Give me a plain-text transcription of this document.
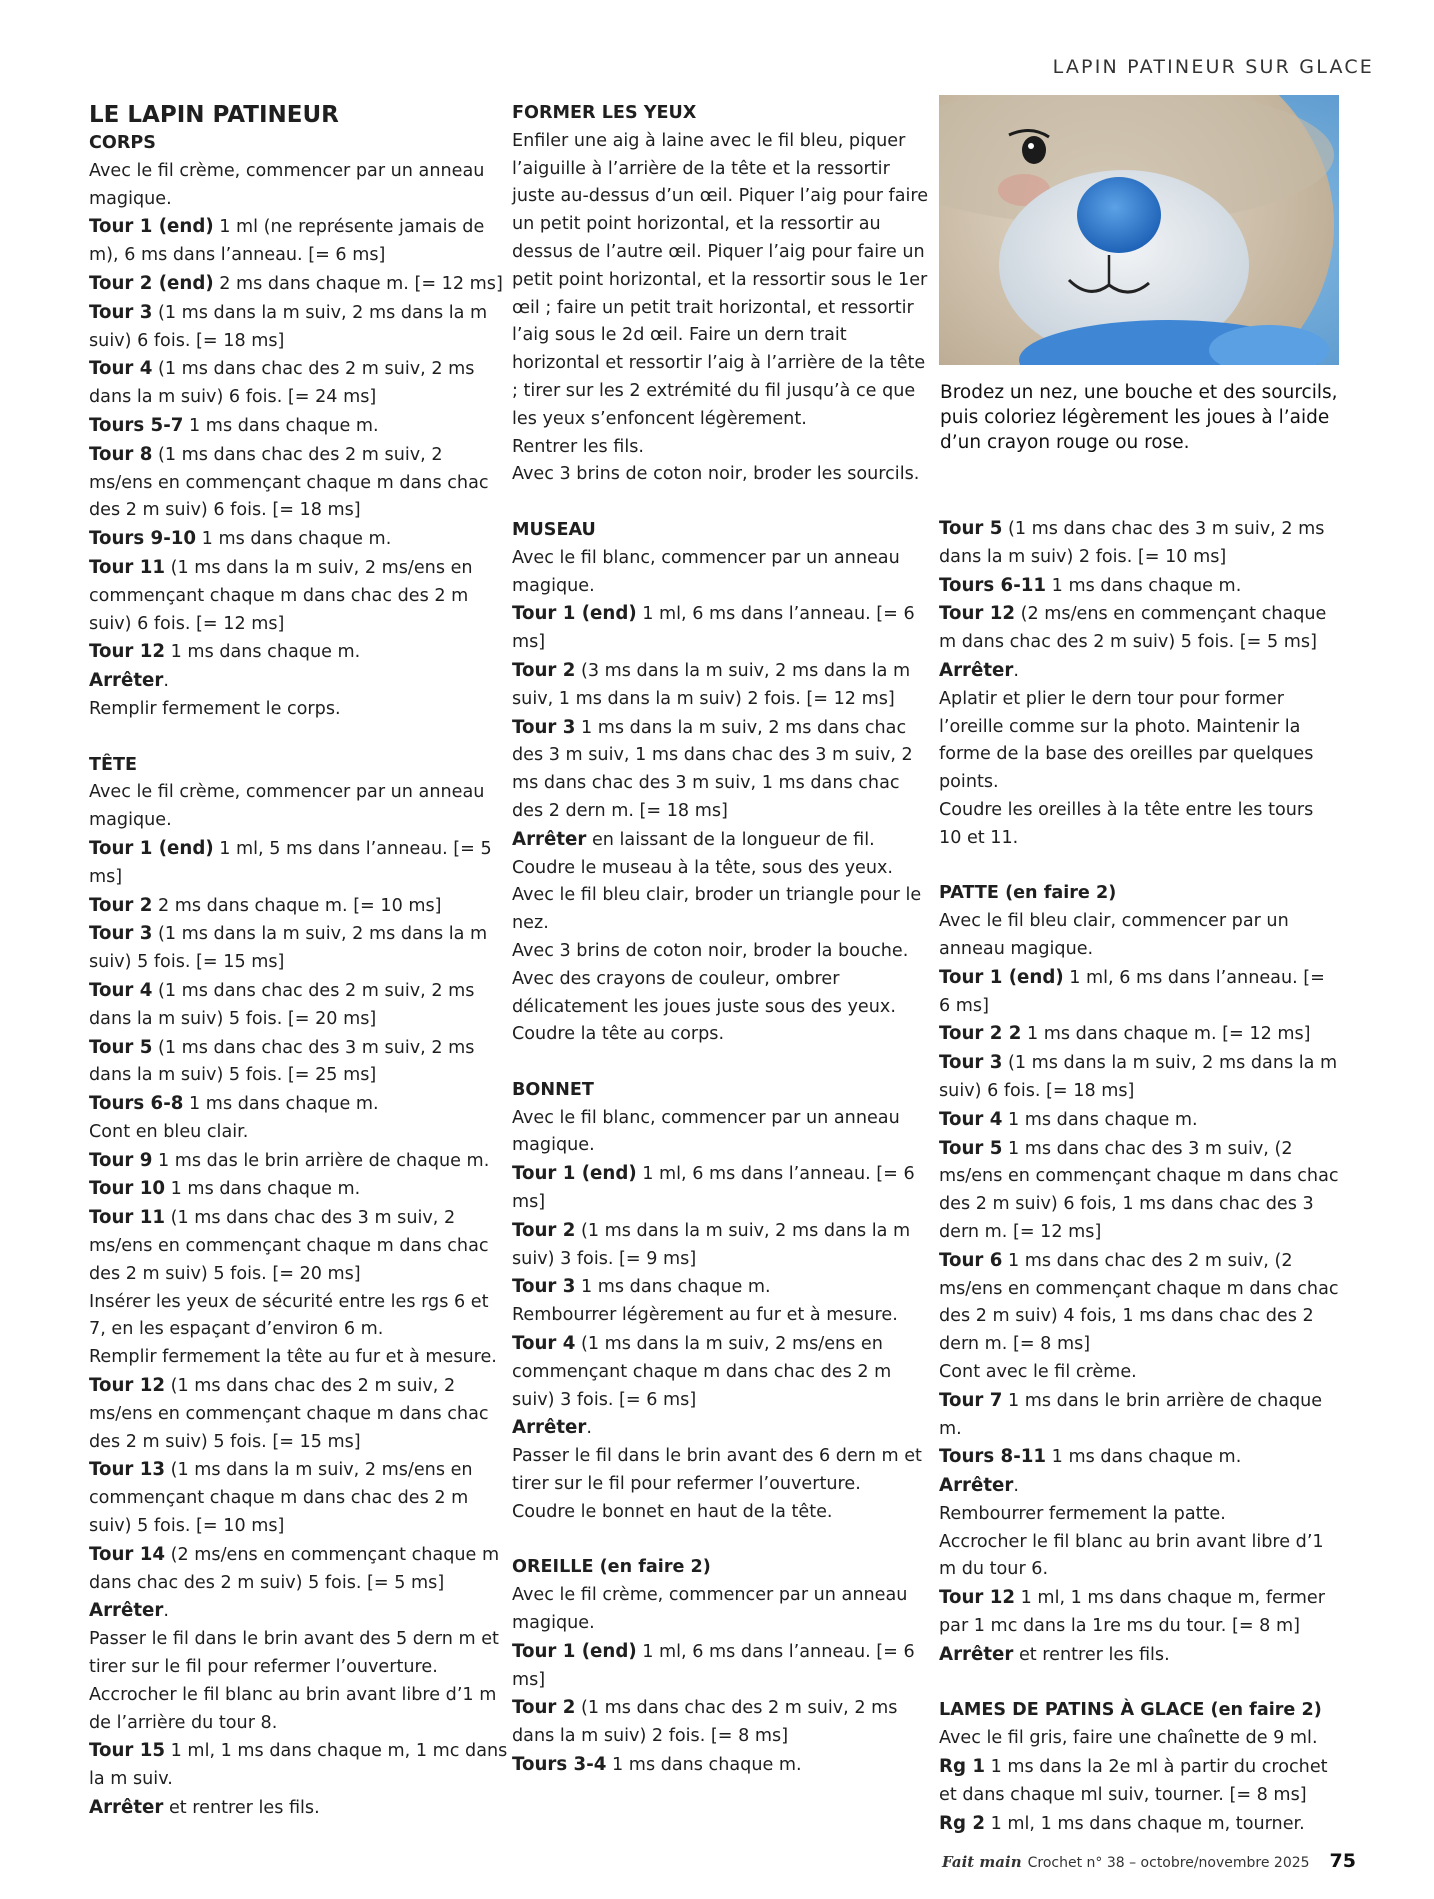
LAPIN PATINEUR SUR GLACE
LE LAPIN PATINEUR
CORPS
Avec le fil crème, commencer par un anneau magique.
Tour 1 (end) 1 ml (ne représente jamais de m), 6 ms dans l’anneau. [= 6 ms]
Tour 2 (end) 2 ms dans chaque m. [= 12 ms]
Tour 3 (1 ms dans la m suiv, 2 ms dans la m suiv) 6 fois. [= 18 ms]
Tour 4 (1 ms dans chac des 2 m suiv, 2 ms dans la m suiv) 6 fois. [= 24 ms]
Tours 5-7 1 ms dans chaque m.
Tour 8 (1 ms dans chac des 2 m suiv, 2 ms/ens en commençant chaque m dans chac des 2 m suiv) 6 fois. [= 18 ms]
Tours 9-10 1 ms dans chaque m.
Tour 11 (1 ms dans la m suiv, 2 ms/ens en commençant chaque m dans chac des 2 m suiv) 6 fois. [= 12 ms]
Tour 12 1 ms dans chaque m.
Arrêter.
Remplir fermement le corps.
TÊTE
Avec le fil crème, commencer par un anneau magique.
Tour 1 (end) 1 ml, 5 ms dans l’anneau. [= 5 ms]
Tour 2 2 ms dans chaque m. [= 10 ms]
Tour 3 (1 ms dans la m suiv, 2 ms dans la m suiv) 5 fois. [= 15 ms]
Tour 4 (1 ms dans chac des 2 m suiv, 2 ms dans la m suiv) 5 fois. [= 20 ms]
Tour 5 (1 ms dans chac des 3 m suiv, 2 ms dans la m suiv) 5 fois. [= 25 ms]
Tours 6-8 1 ms dans chaque m.
Cont en bleu clair.
Tour 9 1 ms das le brin arrière de chaque m.
Tour 10 1 ms dans chaque m.
Tour 11 (1 ms dans chac des 3 m suiv, 2 ms/ens en commençant chaque m dans chac des 2 m suiv) 5 fois. [= 20 ms]
Insérer les yeux de sécurité entre les rgs 6 et 7, en les espaçant d’environ 6 m.
Remplir fermement la tête au fur et à mesure.
Tour 12 (1 ms dans chac des 2 m suiv, 2 ms/ens en commençant chaque m dans chac des 2 m suiv) 5 fois. [= 15 ms]
Tour 13 (1 ms dans la m suiv, 2 ms/ens en commençant chaque m dans chac des 2 m suiv) 5 fois. [= 10 ms]
Tour 14 (2 ms/ens en commençant chaque m dans chac des 2 m suiv) 5 fois. [= 5 ms]
Arrêter.
Passer le fil dans le brin avant des 5 dern m et tirer sur le fil pour refermer l’ouverture.
Accrocher le fil blanc au brin avant libre d’1 m de l’arrière du tour 8.
Tour 15 1 ml, 1 ms dans chaque m, 1 mc dans la m suiv.
Arrêter et rentrer les fils.
FORMER LES YEUX
Enfiler une aig à laine avec le fil bleu, piquer l’aiguille à l’arrière de la tête et la ressortir juste au-dessus d’un œil. Piquer l’aig pour faire un petit point horizontal, et la ressortir au dessus de l’autre œil. Piquer l’aig pour faire un petit point horizontal, et la ressortir sous le 1er œil ; faire un petit trait horizontal, et ressortir l’aig sous le 2d œil. Faire un dern trait horizontal et ressortir l’aig à l’arrière de la tête ; tirer sur les 2 extrémité du fil jusqu’à ce que les yeux s’enfoncent légèrement.
Rentrer les fils.
Avec 3 brins de coton noir, broder les sourcils.
MUSEAU
Avec le fil blanc, commencer par un anneau magique.
Tour 1 (end) 1 ml, 6 ms dans l’anneau. [= 6 ms]
Tour 2 (3 ms dans la m suiv, 2 ms dans la m suiv, 1 ms dans la m suiv) 2 fois. [= 12 ms]
Tour 3 1 ms dans la m suiv, 2 ms dans chac des 3 m suiv, 1 ms dans chac des 3 m suiv, 2 ms dans chac des 3 m suiv, 1 ms dans chac des 2 dern m. [= 18 ms]
Arrêter en laissant de la longueur de fil.
Coudre le museau à la tête, sous des yeux.
Avec le fil bleu clair, broder un triangle pour le nez.
Avec 3 brins de coton noir, broder la bouche.
Avec des crayons de couleur, ombrer délicatement les joues juste sous des yeux.
Coudre la tête au corps.
BONNET
Avec le fil blanc, commencer par un anneau magique.
Tour 1 (end) 1 ml, 6 ms dans l’anneau. [= 6 ms]
Tour 2 (1 ms dans la m suiv, 2 ms dans la m suiv) 3 fois. [= 9 ms]
Tour 3 1 ms dans chaque m.
Rembourrer légèrement au fur et à mesure.
Tour 4 (1 ms dans la m suiv, 2 ms/ens en commençant chaque m dans chac des 2 m suiv) 3 fois. [= 6 ms]
Arrêter.
Passer le fil dans le brin avant des 6 dern m et tirer sur le fil pour refermer l’ouverture.
Coudre le bonnet en haut de la tête.
OREILLE (en faire 2)
Avec le fil crème, commencer par un anneau magique.
Tour 1 (end) 1 ml, 6 ms dans l’anneau. [= 6 ms]
Tour 2 (1 ms dans chac des 2 m suiv, 2 ms dans la m suiv) 2 fois. [= 8 ms]
Tours 3-4 1 ms dans chaque m.
Brodez un nez, une bouche et des sourcils, puis coloriez légèrement les joues à l’aide d’un crayon rouge ou rose.
Tour 5 (1 ms dans chac des 3 m suiv, 2 ms dans la m suiv) 2 fois. [= 10 ms]
Tours 6-11 1 ms dans chaque m.
Tour 12 (2 ms/ens en commençant chaque m dans chac des 2 m suiv) 5 fois. [= 5 ms]
Arrêter.
Aplatir et plier le dern tour pour former l’oreille comme sur la photo. Maintenir la forme de la base des oreilles par quelques points.
Coudre les oreilles à la tête entre les tours 10 et 11.
PATTE (en faire 2)
Avec le fil bleu clair, commencer par un anneau magique.
Tour 1 (end) 1 ml, 6 ms dans l’anneau. [= 6 ms]
Tour 2 2 1 ms dans chaque m. [= 12 ms]
Tour 3 (1 ms dans la m suiv, 2 ms dans la m suiv) 6 fois. [= 18 ms]
Tour 4 1 ms dans chaque m.
Tour 5 1 ms dans chac des 3 m suiv, (2 ms/ens en commençant chaque m dans chac des 2 m suiv) 6 fois, 1 ms dans chac des 3 dern m. [= 12 ms]
Tour 6 1 ms dans chac des 2 m suiv, (2 ms/ens en commençant chaque m dans chac des 2 m suiv) 4 fois, 1 ms dans chac des 2 dern m. [= 8 ms]
Cont avec le fil crème.
Tour 7 1 ms dans le brin arrière de chaque m.
Tours 8-11 1 ms dans chaque m.
Arrêter.
Rembourrer fermement la patte.
Accrocher le fil blanc au brin avant libre d’1 m du tour 6.
Tour 12 1 ml, 1 ms dans chaque m, fermer par 1 mc dans la 1re ms du tour. [= 8 m]
Arrêter et rentrer les fils.
LAMES DE PATINS À GLACE (en faire 2)
Avec le fil gris, faire une chaînette de 9 ml.
Rg 1 1 ms dans la 2e ml à partir du crochet et dans chaque ml suiv, tourner. [= 8 ms]
Rg 2 1 ml, 1 ms dans chaque m, tourner.
Fait main Crochet n° 38 – octobre/novembre 2025 75
